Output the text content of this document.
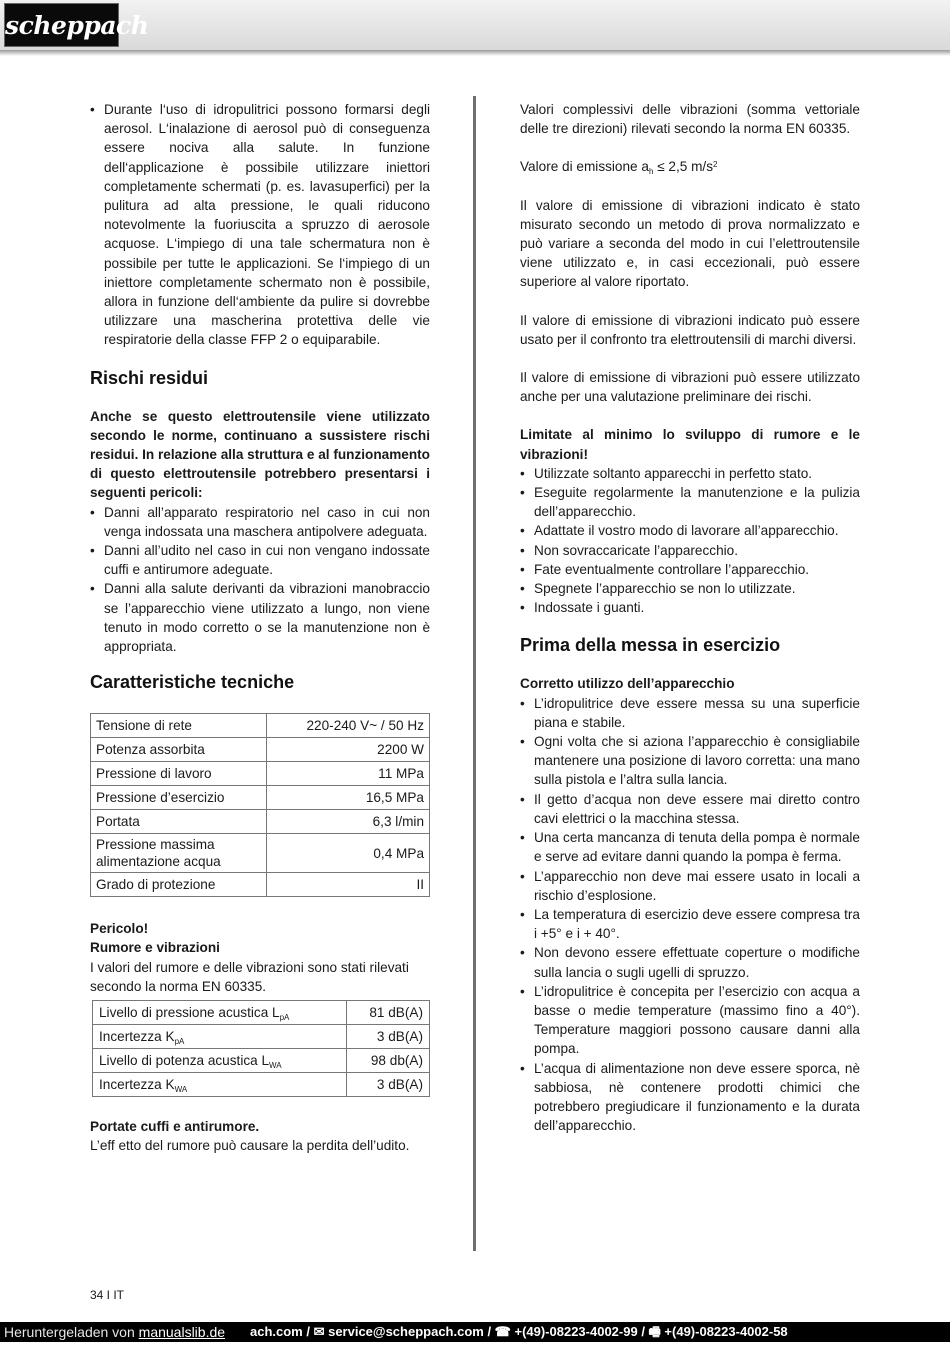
scheppach
• Durante l‘uso di idropulitrici possono formarsi degli aerosol. L‘inalazione di aerosol può di conseguenza essere nociva alla salute. In funzione dell‘applicazione è possibile utilizzare iniettori completamente schermati (p. es. lavasuperfici) per la pulitura ad alta pressione, le quali riducono notevolmente la fuoriuscita a spruzzo di aerosole acquose. L‘impiego di una tale schermatura non è possibile per tutte le applicazioni. Se l‘impiego di un iniettore completamente schermato non è possibile, allora in funzione dell‘ambiente da pulire si dovrebbe utilizzare una mascherina protettiva delle vie respiratorie della classe FFP 2 o equiparabile.
Rischi residui

Anche se questo elettroutensile viene utilizzato secondo le norme, continuano a sussistere rischi residui. In relazione alla struttura e al funzionamento di questo elettroutensile potrebbero presentarsi i seguenti pericoli:

• Danni all’apparato respiratorio nel caso in cui non venga indossata una maschera antipolvere adeguata.
• Danni all’udito nel caso in cui non vengano indossate cuffi e antirumore adeguate.
• Danni alla salute derivanti da vibrazioni manobraccio se l’apparecchio viene utilizzato a lungo, non viene tenuto in modo corretto o se la manutenzione non è appropriata.
Caratteristiche tecniche
Tensione di rete	220-240 V~ / 50 Hz
Potenza assorbita	2200 W
Pressione di lavoro	11 MPa
Pressione d’esercizio	16,5 MPa
Portata	6,3 l/min
Pressione massima alimentazione acqua	0,4 MPa
Grado di protezione	II

Pericolo!

Rumore e vibrazioni

I valori del rumore e delle vibrazioni sono stati rilevati secondo la norma EN 60335.

Livello di pressione acustica $L_{pA}$	81 dB(A)
Incertezza $K_{pA}$	3 dB(A)
Livello di potenza acustica $L_{WA}$	98 db(A)
Incertezza $K_{WA}$	3 dB(A)

Portate cuffi e antirumore.

L’eff etto del rumore può causare la perdita dell’udito.

Valori complessivi delle vibrazioni (somma vettoriale delle tre direzioni) rilevati secondo la norma EN 60335.

Valore di emissione $a_h \le 2,5$ $m/s^2$

Il valore di emissione di vibrazioni indicato è stato misurato secondo un metodo di prova normalizzato e può variare a seconda del modo in cui l’elettroutensile viene utilizzato e, in casi eccezionali, può essere superiore al valore riportato.

Il valore di emissione di vibrazioni indicato può essere usato per il confronto tra elettroutensili di marchi diversi.

Il valore di emissione di vibrazioni può essere utilizzato anche per una valutazione preliminare dei rischi.

Limitate al minimo lo sviluppo di rumore e le vibrazioni!

• Utilizzate soltanto apparecchi in perfetto stato.
• Eseguite regolarmente la manutenzione e la pulizia dell’apparecchio.
• Adattate il vostro modo di lavorare all’apparecchio.
• Non sovraccaricate l’apparecchio.
• Fate eventualmente controllare l’apparecchio.
• Spegnete l’apparecchio se non lo utilizzate.
• Indossate i guanti.
Prima della messa in esercizio

Corretto utilizzo dell’apparecchio

• L’idropulitrice deve essere messa su una superficie piana e stabile.
• Ogni volta che si aziona l’apparecchio è consigliabile mantenere una posizione di lavoro corretta: una mano sulla pistola e l’altra sulla lancia.
• Il getto d’acqua non deve essere mai diretto contro cavi elettrici o la macchina stessa.
• Una certa mancanza di tenuta della pompa è normale e serve ad evitare danni quando la pompa è ferma.
• L’apparecchio non deve mai essere usato in locali a rischio d’esplosione.
• La temperatura di esercizio deve essere compresa tra i +5° e i + 40°.
• Non devono essere effettuate coperture o modifiche sulla lancia o sugli ugelli di spruzzo.
• L’idropulitrice è concepita per l’esercizio con acqua a basse o medie temperature (massimo fino a 40°). Temperature maggiori possono causare danni alla pompa.
• L’acqua di alimentazione non deve essere sporca, nè sabbiosa, nè contenere prodotti chimici che potrebbero pregiudicare il funzionamento e la durata dell’apparecchio.
34 I IT
ach.com / ✉ service@scheppach.com / ☎ +(49)-08223-4002-99 / 🖷 +(49)-08223-4002-58
Heruntergeladen von manualslib.de
